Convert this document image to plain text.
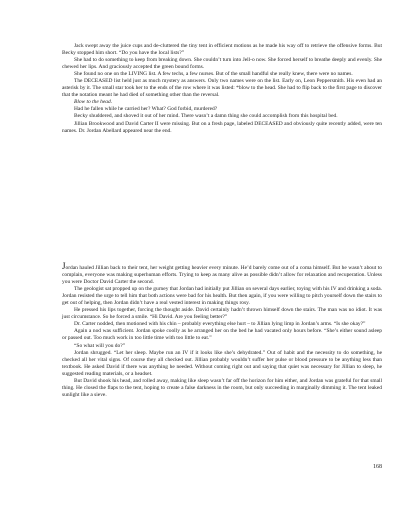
Jack swept away the juice cups and de-cluttered the tiny tent in efficient motions as he made his way off to retrieve the offensive forms. But Becky stopped him short. “Do you have the local lists?”

She had to do something to keep from breaking down. She couldn’t turn into Jell-o now. She forced herself to breathe deeply and evenly. She chewed her lips. And graciously accepted the green bound forms.

She found no one on the LIVING list. A few techs, a few nurses. But of the small handful she really knew, there were no names.

The DECEASED list held just as much mystery as answers. Only two names were on the list. Early on, Leon Peppersmith. His even had an asterisk by it. The small star took her to the ends of the row where it was listed: *blow to the head. She had to flip back to the first page to discover that the notation meant he had died of something other than the reversal.

Blow to the head.

Had he fallen while he carried her? What? God forbid, murdered?

Becky shuddered, and shoved it out of her mind. There wasn’t a damn thing she could accomplish from this hospital bed.

Jillian Brookwood and David Carter II were missing. But on a fresh page, labeled DECEASED and obviously quite recently added, were ten names. Dr. Jordan Abellard appeared near the end.

Jordan hauled Jillian back to their tent, her weight getting heavier every minute. He’d barely come out of a coma himself. But he wasn’t about to complain, everyone was making superhuman efforts. Trying to keep as many alive as possible didn’t allow for relaxation and recuperation. Unless you were Doctor David Carter the second.

The geologist sat propped up on the gurney that Jordan had initially put Jillian on several days earlier, toying with his IV and drinking a soda. Jordan resisted the urge to tell him that both actions were bad for his health. But then again, if you were willing to pitch yourself down the stairs to get out of helping, then Jordan didn’t have a real vested interest in making things rosy.

He pressed his lips together, forcing the thought aside. David certainly hadn’t thrown himself down the stairs. The man was no idiot. It was just circumstance. So he forced a smile. “Hi David. Are you feeling better?”

Dr. Carter nodded, then motioned with his chin – probably everything else hurt – to Jillian lying limp in Jordan’s arms. “Is she okay?”

Again a nod was sufficient. Jordan spoke coolly as he arranged her on the bed he had vacated only hours before. “She’s either sound asleep or passed out. Too much work in too little time with too little to eat.”

“So what will you do?”

Jordan shrugged. “Let her sleep. Maybe run an IV if it looks like she’s dehydrated.” Out of habit and the necessity to do something, he checked all her vital signs. Of course they all checked out. Jillian probably wouldn’t suffer her pulse or blood pressure to be anything less than textbook. He asked David if there was anything he needed. Without coming right out and saying that quiet was necessary for Jillian to sleep, he suggested reading materials, or a headset.

But David shook his head, and rolled away, making like sleep wasn’t far off the horizon for him either, and Jordan was grateful for that small thing. He closed the flaps to the tent, hoping to create a false darkness in the room, but only succeeding in marginally dimming it. The tent leaked sunlight like a sieve.

168
